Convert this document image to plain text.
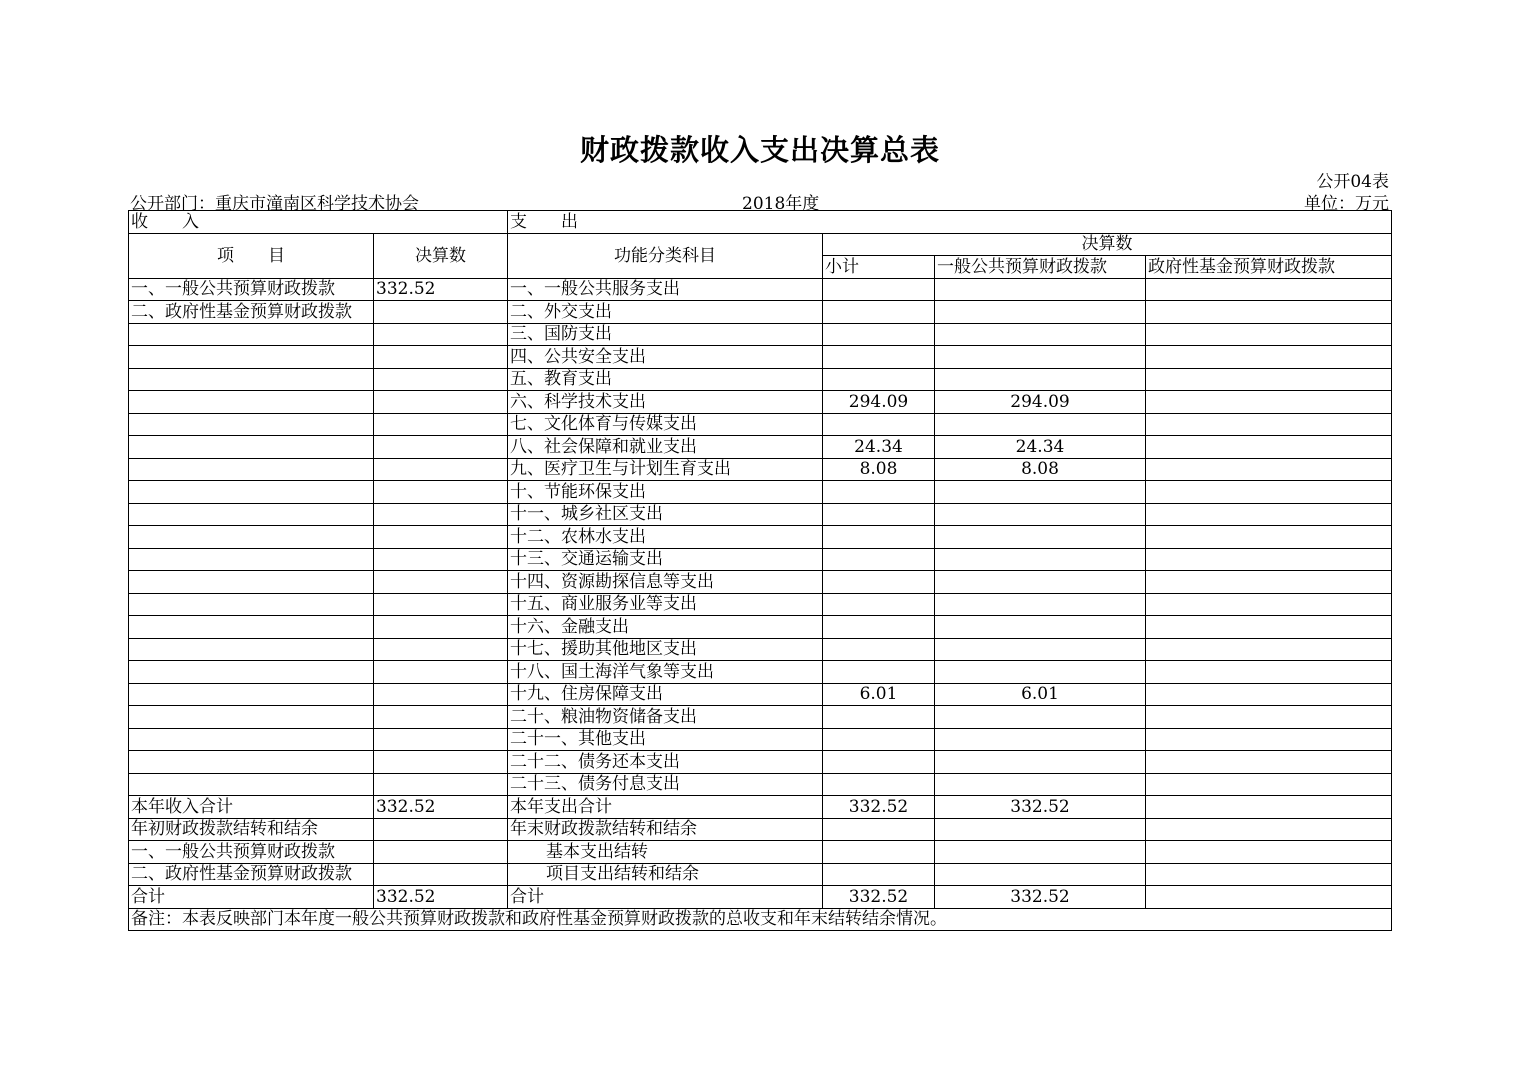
财政拨款收入支出决算总表
公开04表
公开部门：重庆市潼南区科学技术协会	2018年度	单位：万元
收　　入		支　　出			
项　　目	决算数	功能分类科目	决算数		
			小计	一般公共预算财政拨款	政府性基金预算财政拨款
一、一般公共预算财政拨款	332.52	一、一般公共服务支出			
二、政府性基金预算财政拨款		二、外交支出			
		三、国防支出			
		四、公共安全支出			
		五、教育支出			
		六、科学技术支出	294.09	294.09	
		七、文化体育与传媒支出			
		八、社会保障和就业支出	24.34	24.34	
		九、医疗卫生与计划生育支出	8.08	8.08	
		十、节能环保支出			
		十一、城乡社区支出			
		十二、农林水支出			
		十三、交通运输支出			
		十四、资源勘探信息等支出			
		十五、商业服务业等支出			
		十六、金融支出			
		十七、援助其他地区支出			
		十八、国土海洋气象等支出			
		十九、住房保障支出	6.01	6.01	
		二十、粮油物资储备支出			
		二十一、其他支出			
		二十二、债务还本支出			
		二十三、债务付息支出			
本年收入合计	332.52	本年支出合计	332.52	332.52	
年初财政拨款结转和结余		年末财政拨款结转和结余			
一、一般公共预算财政拨款		基本支出结转			
二、政府性基金预算财政拨款		项目支出结转和结余			
合计	332.52	合计	332.52	332.52	
备注：本表反映部门本年度一般公共预算财政拨款和政府性基金预算财政拨款的总收支和年末结转结余情况。					
